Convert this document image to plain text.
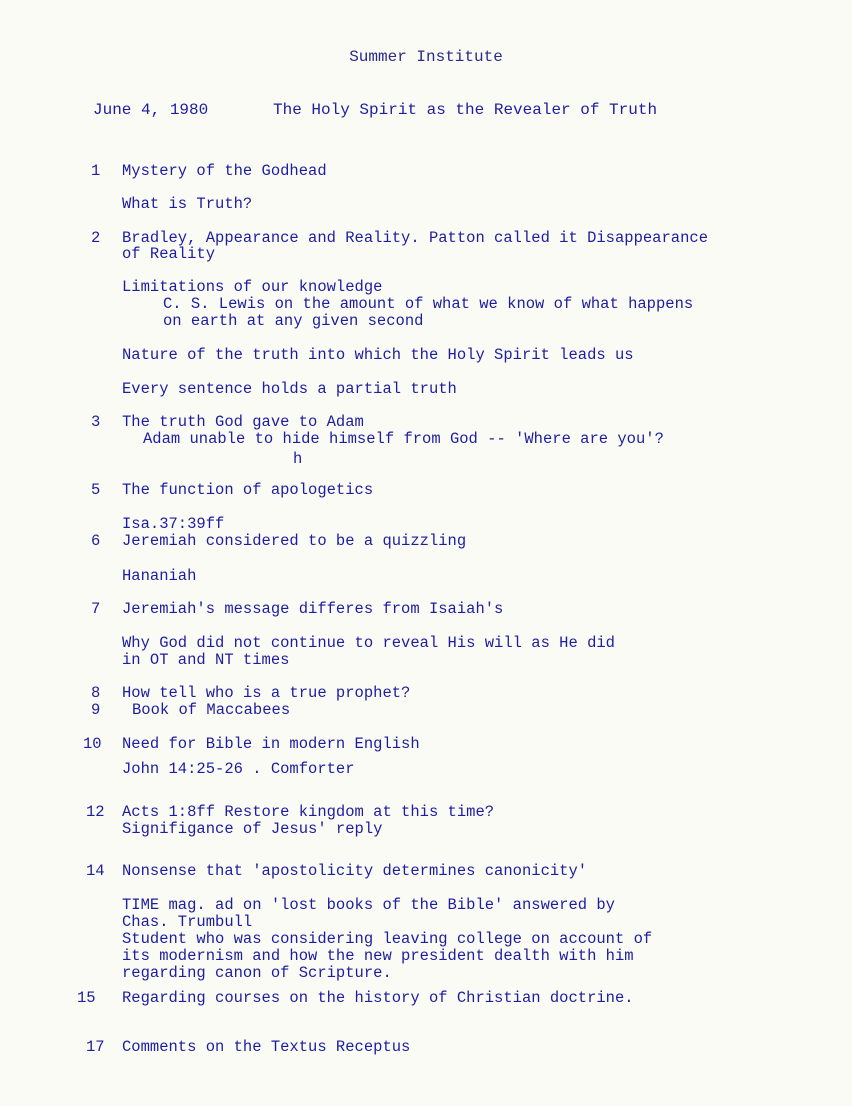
Summer Institute
June 4, 1980	The Holy Spirit as the Revealer of Truth
1 Mystery of the Godhead
What is Truth?
2 Bradley, Appearance and Reality. Patton called it Disappearance
of Reality
Limitations of our knowledge
C. S. Lewis on the amount of what we know of what happens
on earth at any given second
Nature of the truth into which the Holy Spirit leads us
Every sentence holds a partial truth
3 The truth God gave to Adam
Adam unable to hide himself from God -- 'Where are you'?
h
5 The function of apologetics
Isa.37:39ff
6 Jeremiah considered to be a quizzling
Hananiah
7 Jeremiah's message differes from Isaiah's
Why God did not continue to reveal His will as He did
in OT and NT times
8 How tell who is a true prophet?
9 Book of Maccabees
10 Need for Bible in modern English
John 14:25-26 . Comforter
12 Acts 1:8ff Restore kingdom at this time?
Signifigance of Jesus' reply
14 Nonsense that 'apostolicity determines canonicity'
TIME mag. ad on 'lost books of the Bible' answered by
Chas. Trumbull
Student who was considering leaving college on account of
its modernism and how the new president dealth with him
regarding canon of Scripture.
15 Regarding courses on the history of Christian doctrine.
17 Comments on the Textus Receptus
